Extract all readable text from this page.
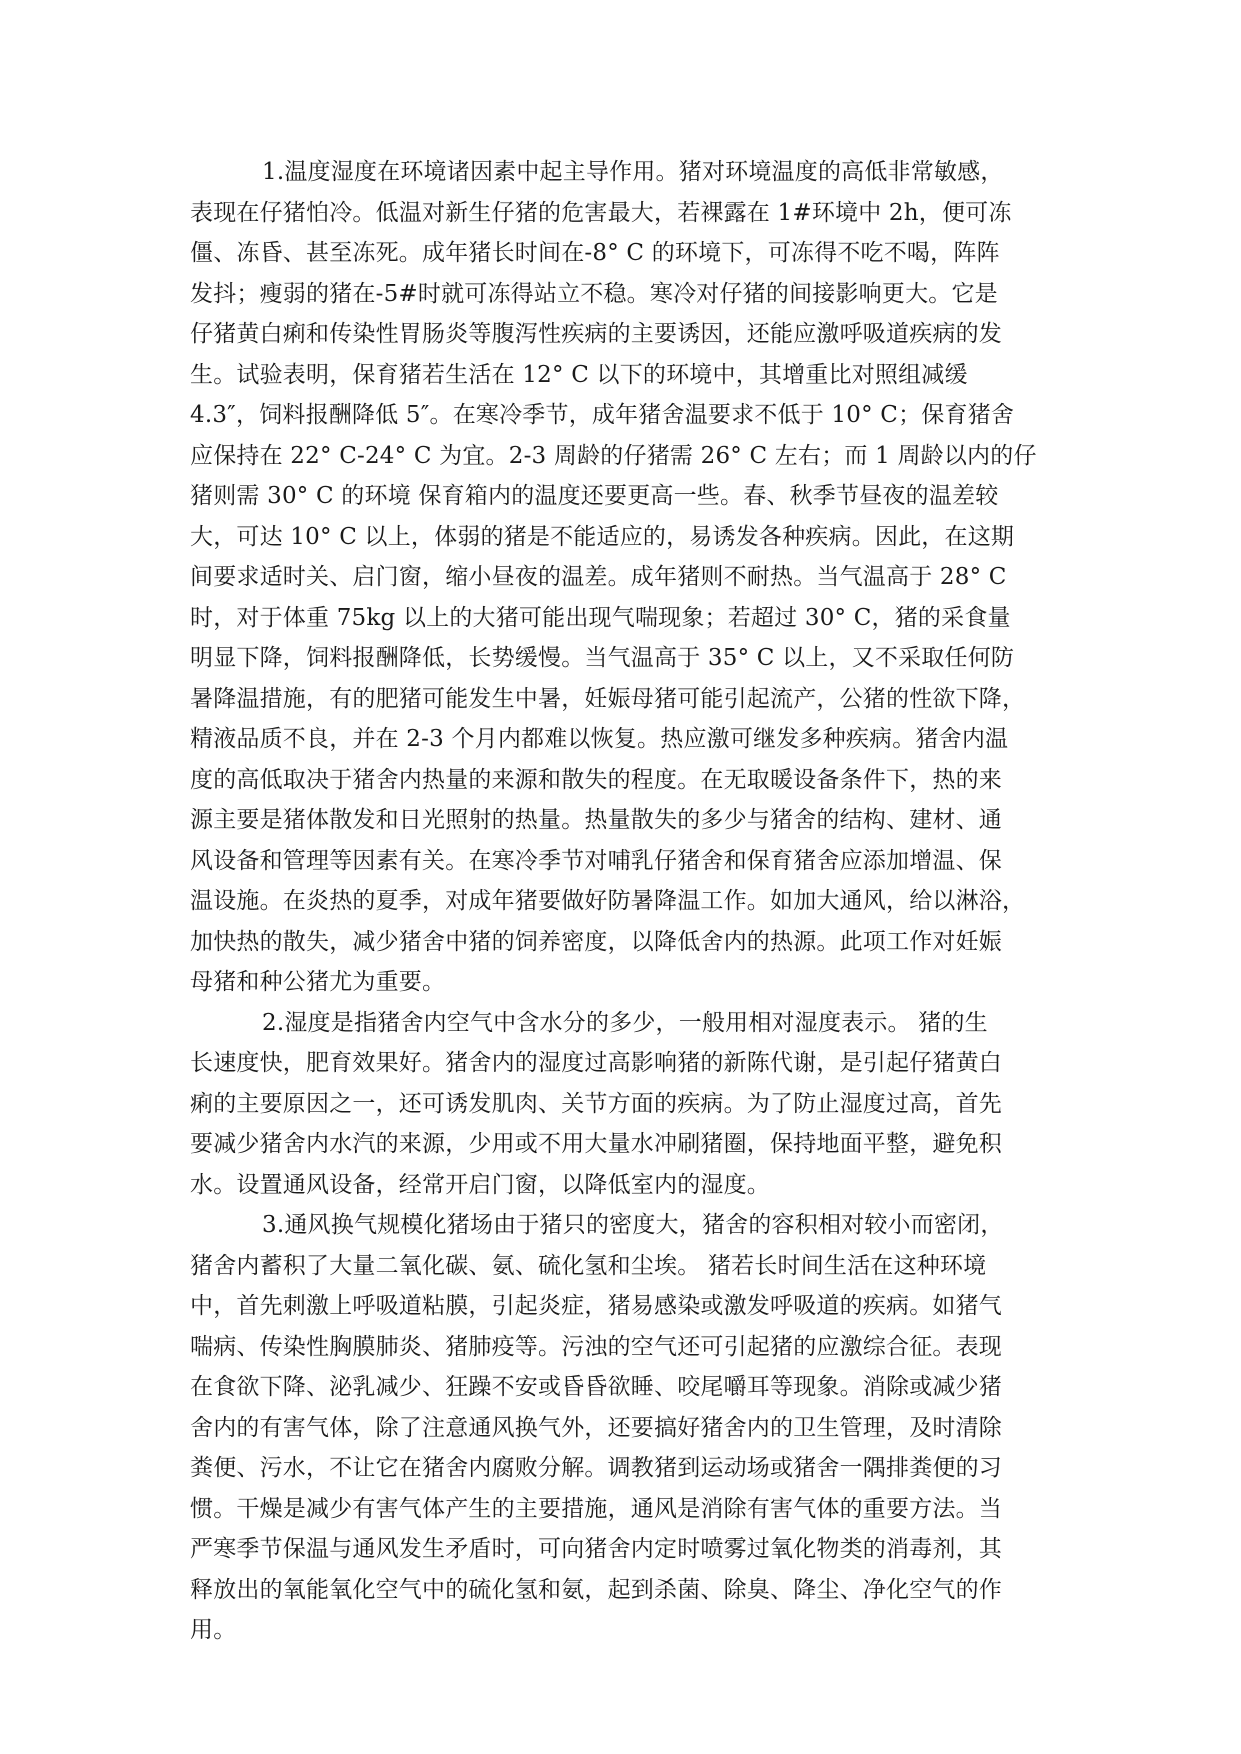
1.温度湿度在环境诸因素中起主导作用。猪对环境温度的高低非常敏感，
表现在仔猪怕冷。低温对新生仔猪的危害最大，若裸露在 1#环境中 2h，便可冻
僵、冻昏、甚至冻死。成年猪长时间在-8° C 的环境下，可冻得不吃不喝，阵阵
发抖；瘦弱的猪在-5#时就可冻得站立不稳。寒冷对仔猪的间接影响更大。它是
仔猪黄白痢和传染性胃肠炎等腹泻性疾病的主要诱因，还能应激呼吸道疾病的发
生。试验表明，保育猪若生活在 12° C 以下的环境中，其增重比对照组减缓
4.3″，饲料报酬降低 5″。在寒冷季节，成年猪舍温要求不低于 10° C；保育猪舍
应保持在 22° C-24° C 为宜。2-3 周龄的仔猪需 26° C 左右；而 1 周龄以内的仔
猪则需 30° C 的环境 保育箱内的温度还要更高一些。春、秋季节昼夜的温差较
大，可达 10° C 以上，体弱的猪是不能适应的，易诱发各种疾病。因此，在这期
间要求适时关、启门窗，缩小昼夜的温差。成年猪则不耐热。当气温高于 28° C
时，对于体重 75kg 以上的大猪可能出现气喘现象；若超过 30° C，猪的采食量
明显下降，饲料报酬降低，长势缓慢。当气温高于 35° C 以上，又不采取任何防
暑降温措施，有的肥猪可能发生中暑，妊娠母猪可能引起流产，公猪的性欲下降，
精液品质不良，并在 2-3 个月内都难以恢复。热应激可继发多种疾病。猪舍内温
度的高低取决于猪舍内热量的来源和散失的程度。在无取暖设备条件下，热的来
源主要是猪体散发和日光照射的热量。热量散失的多少与猪舍的结构、建材、通
风设备和管理等因素有关。在寒冷季节对哺乳仔猪舍和保育猪舍应添加增温、保
温设施。在炎热的夏季，对成年猪要做好防暑降温工作。如加大通风，给以淋浴，
加快热的散失，减少猪舍中猪的饲养密度，以降低舍内的热源。此项工作对妊娠
母猪和种公猪尤为重要。
2.湿度是指猪舍内空气中含水分的多少，一般用相对湿度表示。 猪的生
长速度快，肥育效果好。猪舍内的湿度过高影响猪的新陈代谢，是引起仔猪黄白
痢的主要原因之一，还可诱发肌肉、关节方面的疾病。为了防止湿度过高，首先
要减少猪舍内水汽的来源，少用或不用大量水冲刷猪圈，保持地面平整，避免积
水。设置通风设备，经常开启门窗，以降低室内的湿度。
3.通风换气规模化猪场由于猪只的密度大，猪舍的容积相对较小而密闭，
猪舍内蓄积了大量二氧化碳、氨、硫化氢和尘埃。 猪若长时间生活在这种环境
中，首先刺激上呼吸道粘膜，引起炎症，猪易感染或激发呼吸道的疾病。如猪气
喘病、传染性胸膜肺炎、猪肺疫等。污浊的空气还可引起猪的应激综合征。表现
在食欲下降、泌乳减少、狂躁不安或昏昏欲睡、咬尾嚼耳等现象。消除或减少猪
舍内的有害气体，除了注意通风换气外，还要搞好猪舍内的卫生管理，及时清除
粪便、污水，不让它在猪舍内腐败分解。调教猪到运动场或猪舍一隅排粪便的习
惯。干燥是减少有害气体产生的主要措施，通风是消除有害气体的重要方法。当
严寒季节保温与通风发生矛盾时，可向猪舍内定时喷雾过氧化物类的消毒剂，其
释放出的氧能氧化空气中的硫化氢和氨，起到杀菌、除臭、降尘、净化空气的作
用。
